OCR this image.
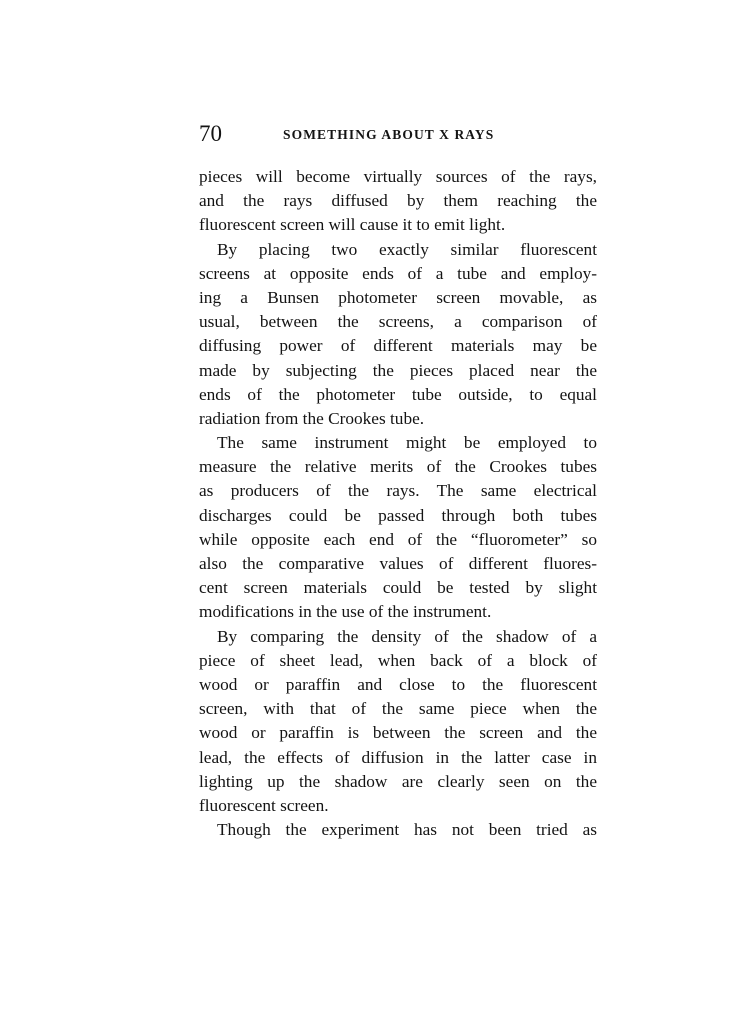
70	SOMETHING ABOUT X RAYS
pieces will become virtually sources of the rays,
and the rays diffused by them reaching the
fluorescent screen will cause it to emit light.
By placing two exactly similar fluorescent
screens at opposite ends of a tube and employ-
ing a Bunsen photometer screen movable, as
usual, between the screens, a comparison of
diffusing power of different materials may be
made by subjecting the pieces placed near the
ends of the photometer tube outside, to equal
radiation from the Crookes tube.
The same instrument might be employed to
measure the relative merits of the Crookes tubes
as producers of the rays. The same electrical
discharges could be passed through both tubes
while opposite each end of the “fluorometer” so
also the comparative values of different fluores-
cent screen materials could be tested by slight
modifications in the use of the instrument.
By comparing the density of the shadow of a
piece of sheet lead, when back of a block of
wood or paraffin and close to the fluorescent
screen, with that of the same piece when the
wood or paraffin is between the screen and the
lead, the effects of diffusion in the latter case in
lighting up the shadow are clearly seen on the
fluorescent screen.
Though the experiment has not been tried as
